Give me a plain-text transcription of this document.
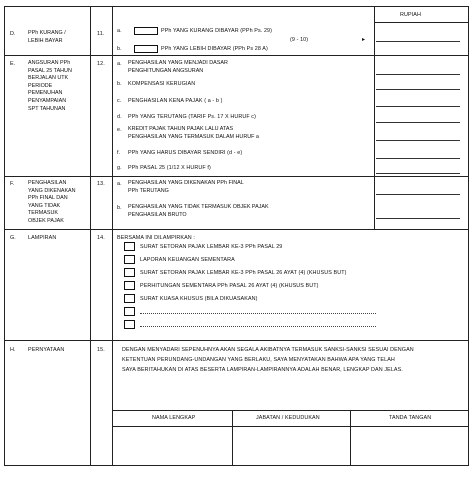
RUPIAH
D. PPh KURANG /
LEBIH BAYAR
11. a.	PPh YANG KURANG DIBAYAR (PPh Ps. 29)
(9 - 10)	▸
b.	PPh YANG LEBIH DIBAYAR (PPh Ps 28 A)
E. ANGSURAN PPh
PASAL 25 TAHUN
BERJALAN UTK
PERIODE
PEMENUHAN
PENYAMPAIAN
SPT TAHUNAN
12. a. PENGHASILAN YANG MENJADI DASAR
PENGHITUNGAN ANGSURAN
b. KOMPENSASI KERUGIAN
c. PENGHASILAN KENA PAJAK ( a - b )
d. PPh YANG TERUTANG (TARIF Ps. 17 X HURUF c)
e. KREDIT PAJAK TAHUN PAJAK LALU ATAS
PENGHASILAN YANG TERMASUK DALAM HURUF a
f. PPh YANG HARUS DIBAYAR SENDIRI (d - e)
g. PPh PASAL 25 (1/12 X HURUF f)
F.	PENGHASILAN
YANG DIKENAKAN
PPh FINAL DAN
YANG TIDAK
TERMASUK
OBJEK PAJAK
13. a. PENGHASILAN YANG DIKENAKAN PPh FINAL
PPh TERUTANG
b. PENGHASILAN YANG TIDAK TERMASUK OBJEK PAJAK
PENGHASILAN BRUTO
G. LAMPIRAN	14. BERSAMA INI DILAMPIRKAN :
SURAT SETORAN PAJAK LEMBAR KE-3 PPh PASAL 29
LAPORAN KEUANGAN SEMENTARA
SURAT SETORAN PAJAK LEMBAR KE-3 PPh PASAL 26 AYAT (4) (KHUSUS BUT)
PERHITUNGAN SEMENTARA PPh PASAL 26 AYAT (4) (KHUSUS BUT)
SURAT KUASA KHUSUS (BILA DIKUASAKAN)
H. PERNYATAAN	15.	DENGAN MENYADARI SEPENUHNYA AKAN SEGALA AKIBATNYA TERMASUK SANKSI-SANKSI SESUAI DENGAN
KETENTUAN PERUNDANG-UNDANGAN YANG BERLAKU, SAYA MENYATAKAN BAHWA APA YANG TELAH
SAYA BERITAHUKAN DI ATAS BESERTA LAMPIRAN-LAMPIRANNYA ADALAH BENAR, LENGKAP DAN JELAS.
NAMA LENGKAP	JABATAN / KEDUDUKAN	TANDA TANGAN
